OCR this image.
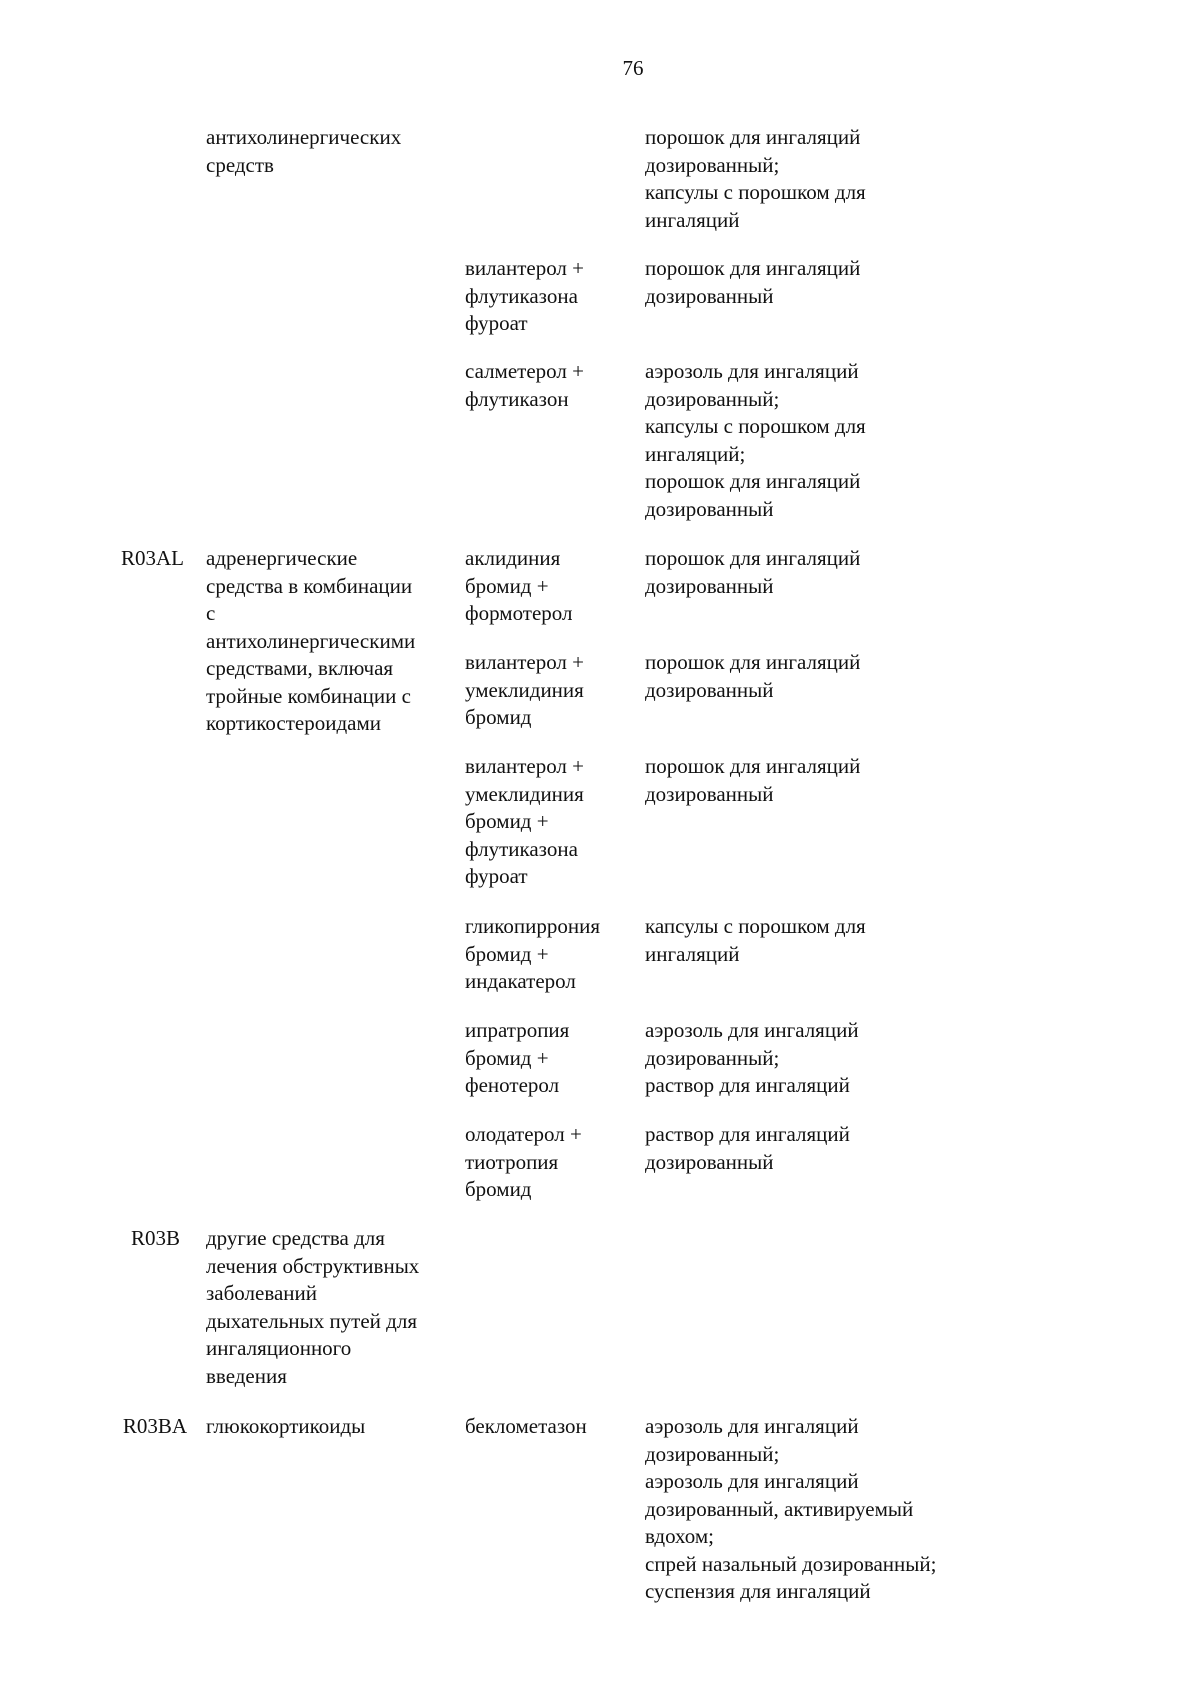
76
антихолинергических
средств
порошок для ингаляций
дозированный;
капсулы с порошком для
ингаляций
вилантерол +
флутиказона
фуроат
порошок для ингаляций
дозированный
салметерол +
флутиказон
аэрозоль для ингаляций
дозированный;
капсулы с порошком для
ингаляций;
порошок для ингаляций
дозированный
R03AL адренергические
средства в комбинации
с
антихолинергическими
средствами, включая
тройные комбинации с
кортикостероидами
аклидиния
бромид +
формотерол
порошок для ингаляций
дозированный
вилантерол +
умеклидиния
бромид
порошок для ингаляций
дозированный
вилантерол +
умеклидиния
бромид +
флутиказона
фуроат
порошок для ингаляций
дозированный
гликопиррония
бромид +
индакатерол
капсулы с порошком для
ингаляций
ипратропия
бромид +
фенотерол
аэрозоль для ингаляций
дозированный;
раствор для ингаляций
олодатерол +
тиотропия
бромид
раствор для ингаляций
дозированный
R03B другие средства для
лечения обструктивных
заболеваний
дыхательных путей для
ингаляционного
введения
R03BA глюкокортикоиды	беклометазон	аэрозоль для ингаляций
дозированный;
аэрозоль для ингаляций
дозированный, активируемый
вдохом;
спрей назальный дозированный;
суспензия для ингаляций
